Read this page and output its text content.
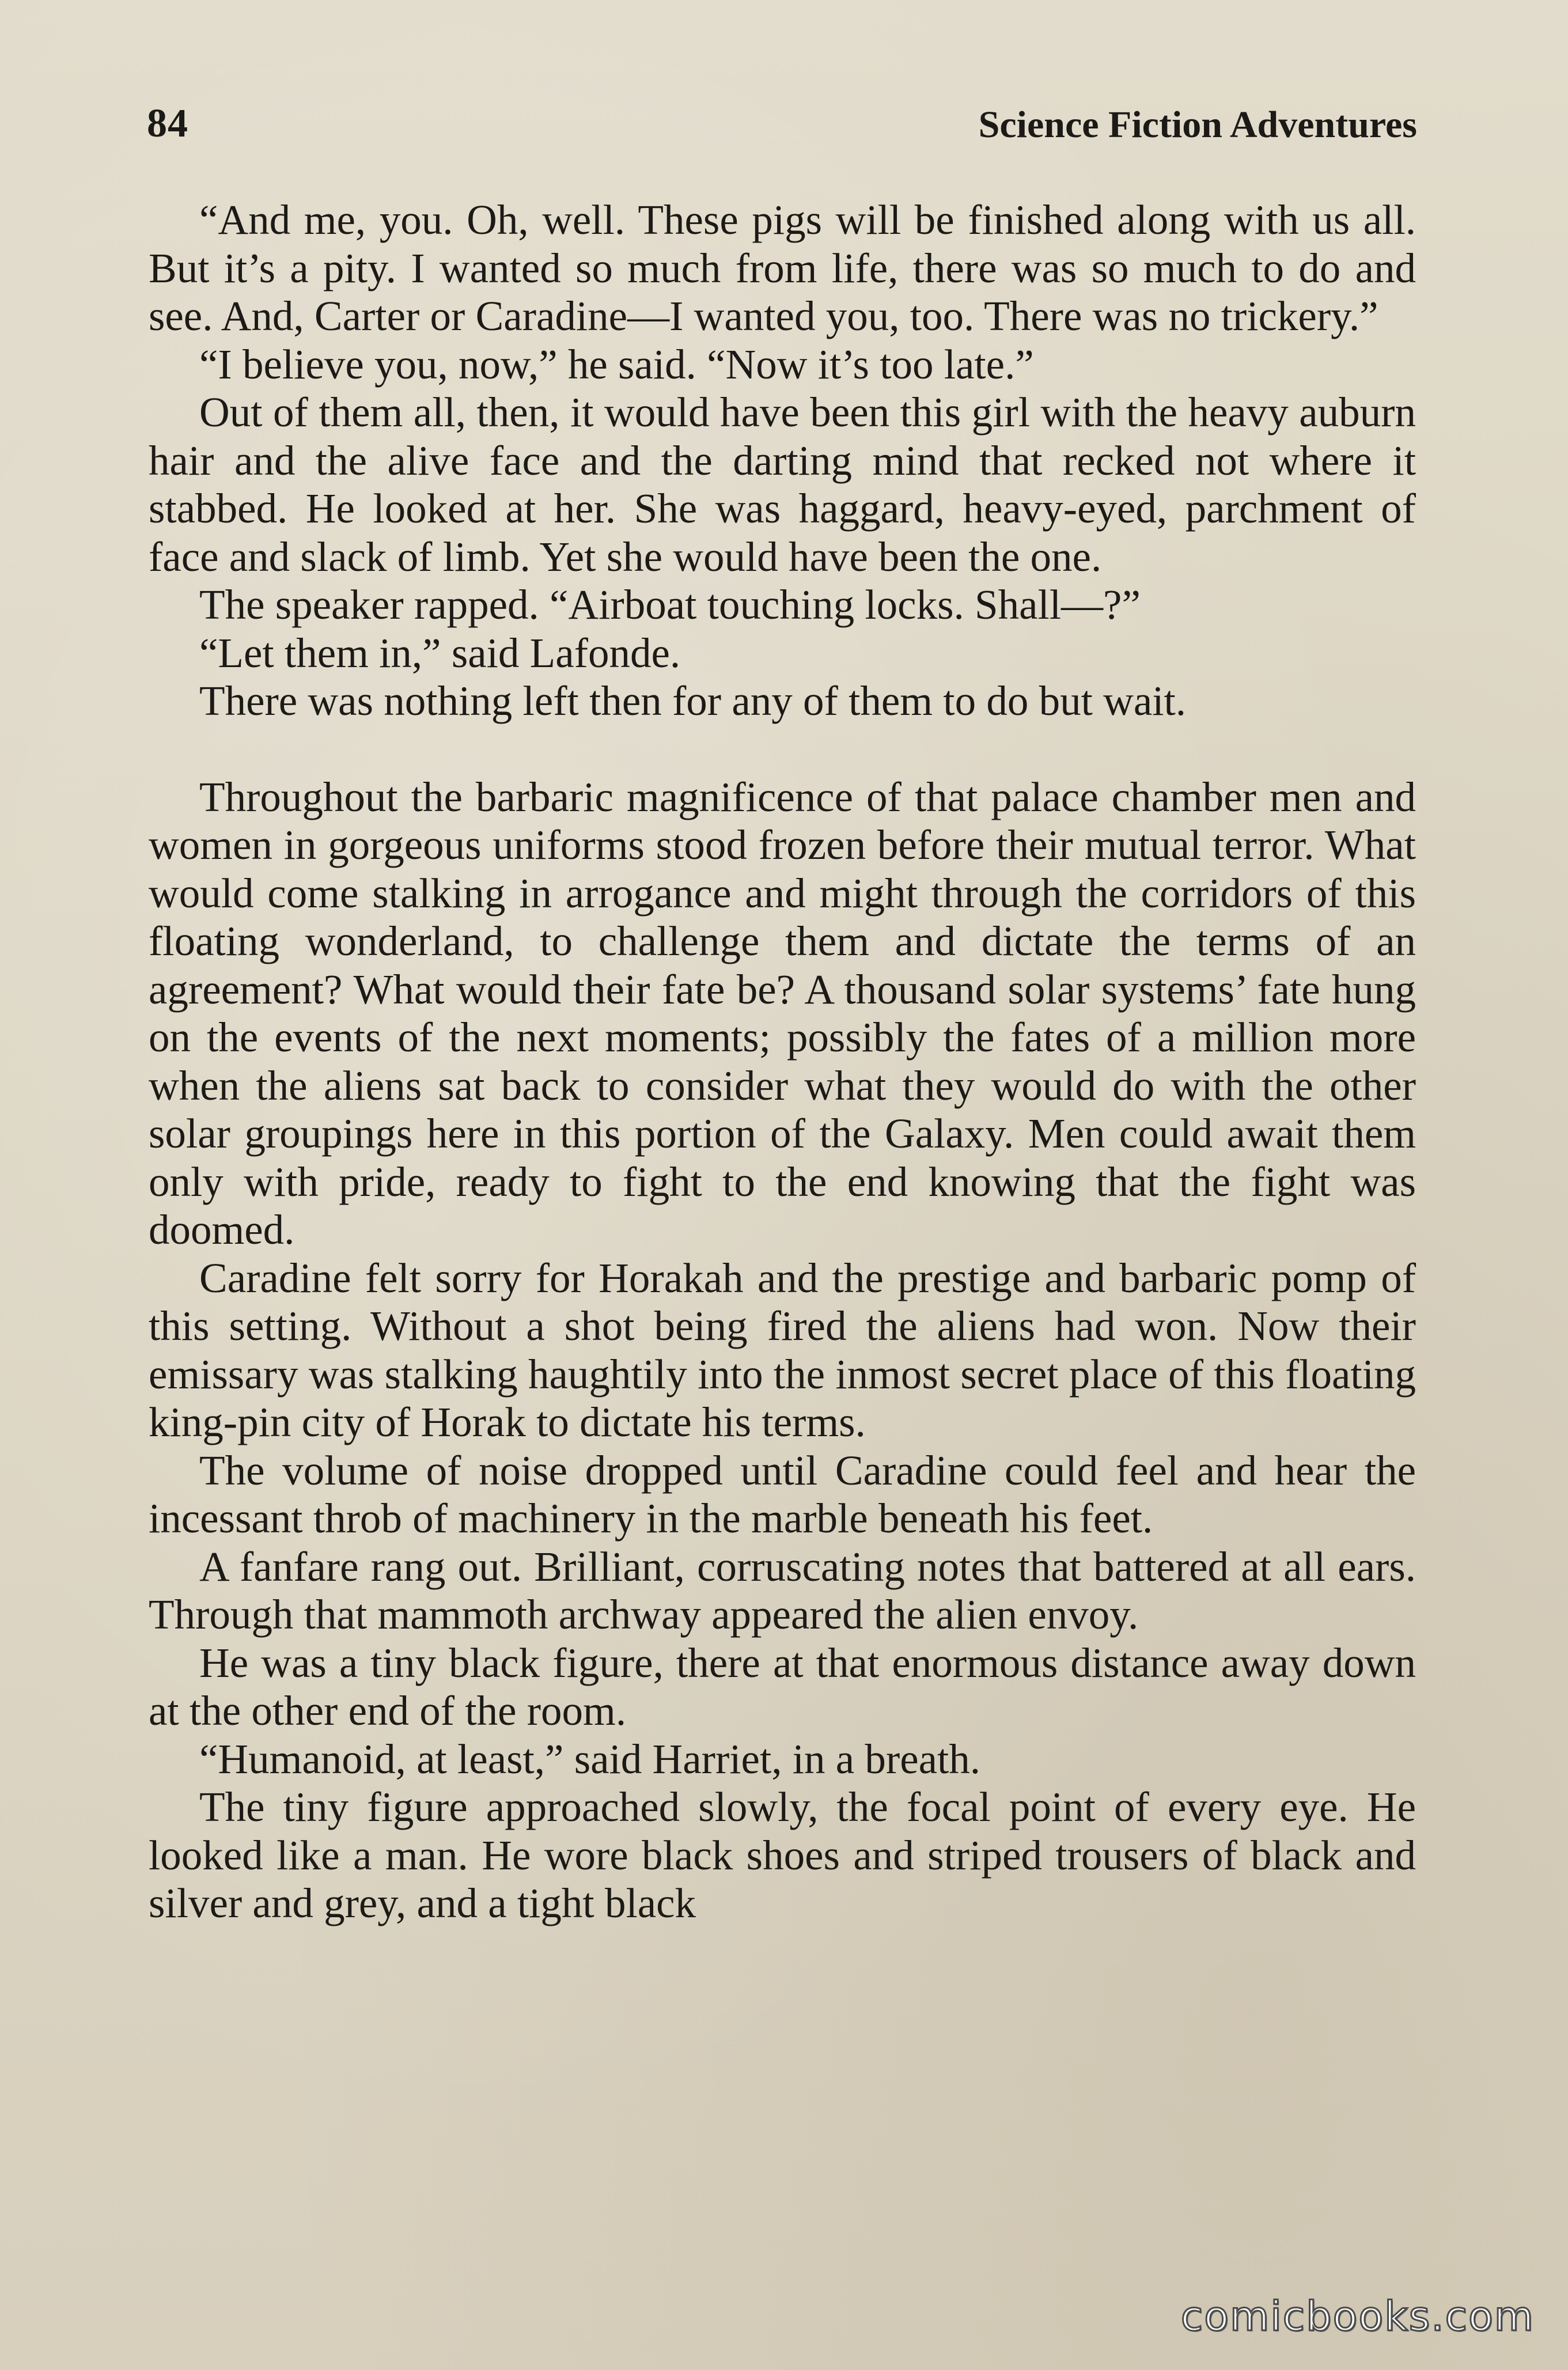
84	Science Fiction Adventures

“And me, you. Oh, well. These pigs will be finished along with us all. But it’s a pity. I wanted so much from life, there was so much to do and see. And, Carter or Caradine—I wanted you, too. There was no trickery.”

“I believe you, now,” he said. “Now it’s too late.”

Out of them all, then, it would have been this girl with the heavy auburn hair and the alive face and the darting mind that recked not where it stabbed. He looked at her. She was haggard, heavy-eyed, parchment of face and slack of limb. Yet she would have been the one.

The speaker rapped. “Airboat touching locks. Shall—?”

“Let them in,” said Lafonde.

There was nothing left then for any of them to do but wait.

Throughout the barbaric magnificence of that palace chamber men and women in gorgeous uniforms stood frozen before their mutual terror. What would come stalking in arrogance and might through the corridors of this floating wonderland, to challenge them and dictate the terms of an agreement? What would their fate be? A thousand solar systems’ fate hung on the events of the next moments; possibly the fates of a million more when the aliens sat back to consider what they would do with the other solar groupings here in this portion of the Galaxy. Men could await them only with pride, ready to fight to the end knowing that the fight was doomed.

Caradine felt sorry for Horakah and the prestige and barbaric pomp of this setting. Without a shot being fired the aliens had won. Now their emissary was stalking haughtily into the inmost secret place of this floating king-pin city of Horak to dictate his terms.

The volume of noise dropped until Caradine could feel and hear the incessant throb of machinery in the marble beneath his feet.

A fanfare rang out. Brilliant, corruscating notes that battered at all ears. Through that mammoth archway appeared the alien envoy.

He was a tiny black figure, there at that enormous distance away down at the other end of the room.

“Humanoid, at least,” said Harriet, in a breath.

The tiny figure approached slowly, the focal point of every eye. He looked like a man. He wore black shoes and striped trousers of black and silver and grey, and a tight black

comicbooks.com
